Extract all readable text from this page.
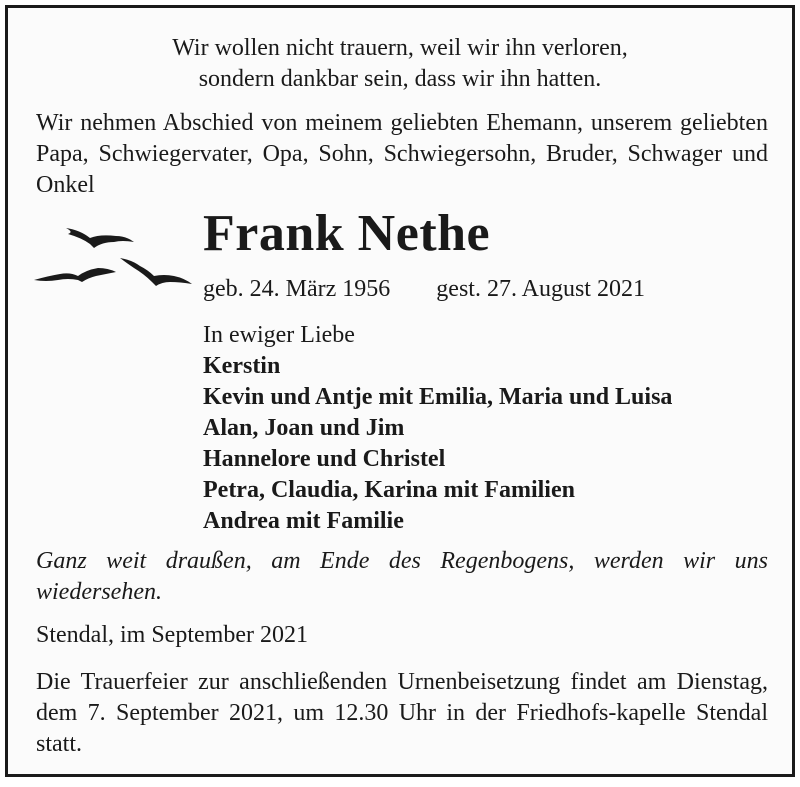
Wir wollen nicht trauern, weil wir ihn verloren,
sondern dankbar sein, dass wir ihn hatten.
Wir nehmen Abschied von meinem geliebten Ehemann, unserem geliebten Papa, Schwiegervater, Opa, Sohn, Schwiegersohn, Bruder, Schwager und Onkel
Frank Nethe
geb. 24. März 1956 gest. 27. August 2021
In ewiger Liebe
Kerstin
Kevin und Antje mit Emilia, Maria und Luisa
Alan, Joan und Jim
Hannelore und Christel
Petra, Claudia, Karina mit Familien
Andrea mit Familie
Ganz weit draußen, am Ende des Regenbogens, werden wir uns wiedersehen.
Stendal, im September 2021
Die Trauerfeier zur anschließenden Urnenbeisetzung findet am Dienstag, dem 7. September 2021, um 12.30 Uhr in der Friedhofs-kapelle Stendal statt.
